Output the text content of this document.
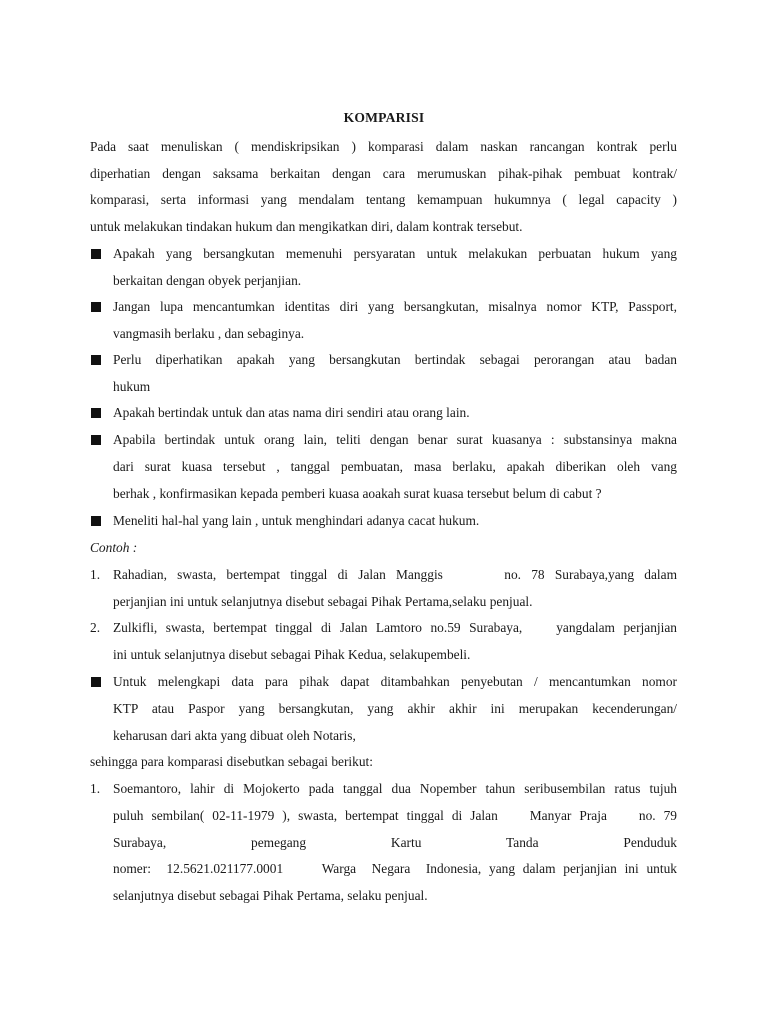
KOMPARISI
Pada saat menuliskan ( mendiskripsikan ) komparasi dalam naskan rancangan kontrak perlu
diperhatian dengan saksama berkaitan dengan cara merumuskan pihak-pihak pembuat kontrak/
komparasi, serta informasi yang mendalam tentang kemampuan hukumnya ( legal capacity )
untuk melakukan tindakan hukum dan mengikatkan diri, dalam kontrak tersebut.
Apakah yang bersangkutan memenuhi persyaratan untuk melakukan perbuatan hukum yang
berkaitan dengan obyek perjanjian.
Jangan lupa mencantumkan identitas diri yang bersangkutan, misalnya nomor KTP, Passport,
vangmasih berlaku , dan sebaginya.
Perlu diperhatikan apakah yang bersangkutan bertindak sebagai perorangan atau badan
hukum
Apakah bertindak untuk dan atas nama diri sendiri atau orang lain.
Apabila bertindak untuk orang lain, teliti dengan benar surat kuasanya : substansinya makna
dari surat kuasa tersebut , tanggal pembuatan, masa berlaku, apakah diberikan oleh vang
berhak , konfirmasikan kepada pemberi kuasa aoakah surat kuasa tersebut belum di cabut ?
Meneliti hal-hal yang lain , untuk menghindari adanya cacat hukum.
Contoh :
1. Rahadian, swasta, bertempat tinggal di Jalan Manggis      no. 78 Surabaya,yang dalam
perjanjian ini untuk selanjutnya disebut sebagai Pihak Pertama,selaku penjual.
2. Zulkifli, swasta, bertempat tinggal di Jalan Lamtoro no.59 Surabaya,    yangdalam perjanjian
ini untuk selanjutnya disebut sebagai Pihak Kedua, selakupembeli.
Untuk melengkapi data para pihak dapat ditambahkan penyebutan / mencantumkan nomor
KTP atau Paspor yang bersangkutan, yang akhir akhir ini merupakan kecenderungan/
keharusan dari akta yang dibuat oleh Notaris,
sehingga para komparasi disebutkan sebagai berikut:
1. Soemantoro, lahir di Mojokerto pada tanggal dua Nopember tahun seribusembilan ratus tujuh
puluh sembilan( 02-11-1979 ), swasta, bertempat tinggal di Jalan    Manyar Praja    no. 79
Surabaya, pemegang Kartu Tanda Penduduk
nomer:  12.5621.021177.0001     Warga  Negara  Indonesia, yang dalam perjanjian ini untuk
selanjutnya disebut sebagai Pihak Pertama, selaku penjual.
